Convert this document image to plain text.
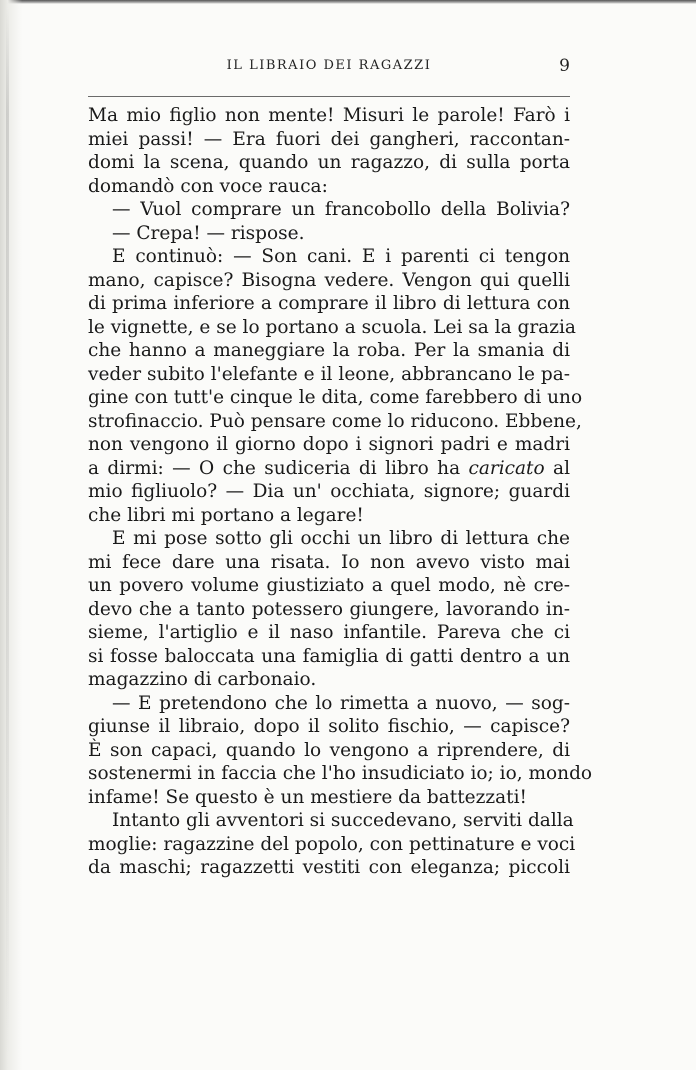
IL LIBRAIO DEI RAGAZZI	9
Ma mio figlio non mente! Misuri le parole! Farò i
miei passi! — Era fuori dei gangheri, raccontan-
domi la scena, quando un ragazzo, di sulla porta
domandò con voce rauca:
— Vuol comprare un francobollo della Bolivia?
— Crepa! — rispose.
E continuò: — Son cani. E i parenti ci tengon
mano, capisce? Bisogna vedere. Vengon qui quelli
di prima inferiore a comprare il libro di lettura con
le vignette, e se lo portano a scuola. Lei sa la grazia
che hanno a maneggiare la roba. Per la smania di
veder subito l'elefante e il leone, abbrancano le pa-
gine con tutt'e cinque le dita, come farebbero di uno
strofinaccio. Può pensare come lo riducono. Ebbene,
non vengono il giorno dopo i signori padri e madri
a dirmi: — O che sudiceria di libro ha caricato al
mio figliuolo? — Dia un' occhiata, signore; guardi
che libri mi portano a legare!
E mi pose sotto gli occhi un libro di lettura che
mi fece dare una risata. Io non avevo visto mai
un povero volume giustiziato a quel modo, nè cre-
devo che a tanto potessero giungere, lavorando in-
sieme, l'artiglio e il naso infantile. Pareva che ci
si fosse baloccata una famiglia di gatti dentro a un
magazzino di carbonaio.
— E pretendono che lo rimetta a nuovo, — sog-
giunse il libraio, dopo il solito fischio, — capisce?
È son capaci, quando lo vengono a riprendere, di
sostenermi in faccia che l'ho insudiciato io; io, mondo
infame! Se questo è un mestiere da battezzati!
Intanto gli avventori si succedevano, serviti dalla
moglie: ragazzine del popolo, con pettinature e voci
da maschi; ragazzetti vestiti con eleganza; piccoli
